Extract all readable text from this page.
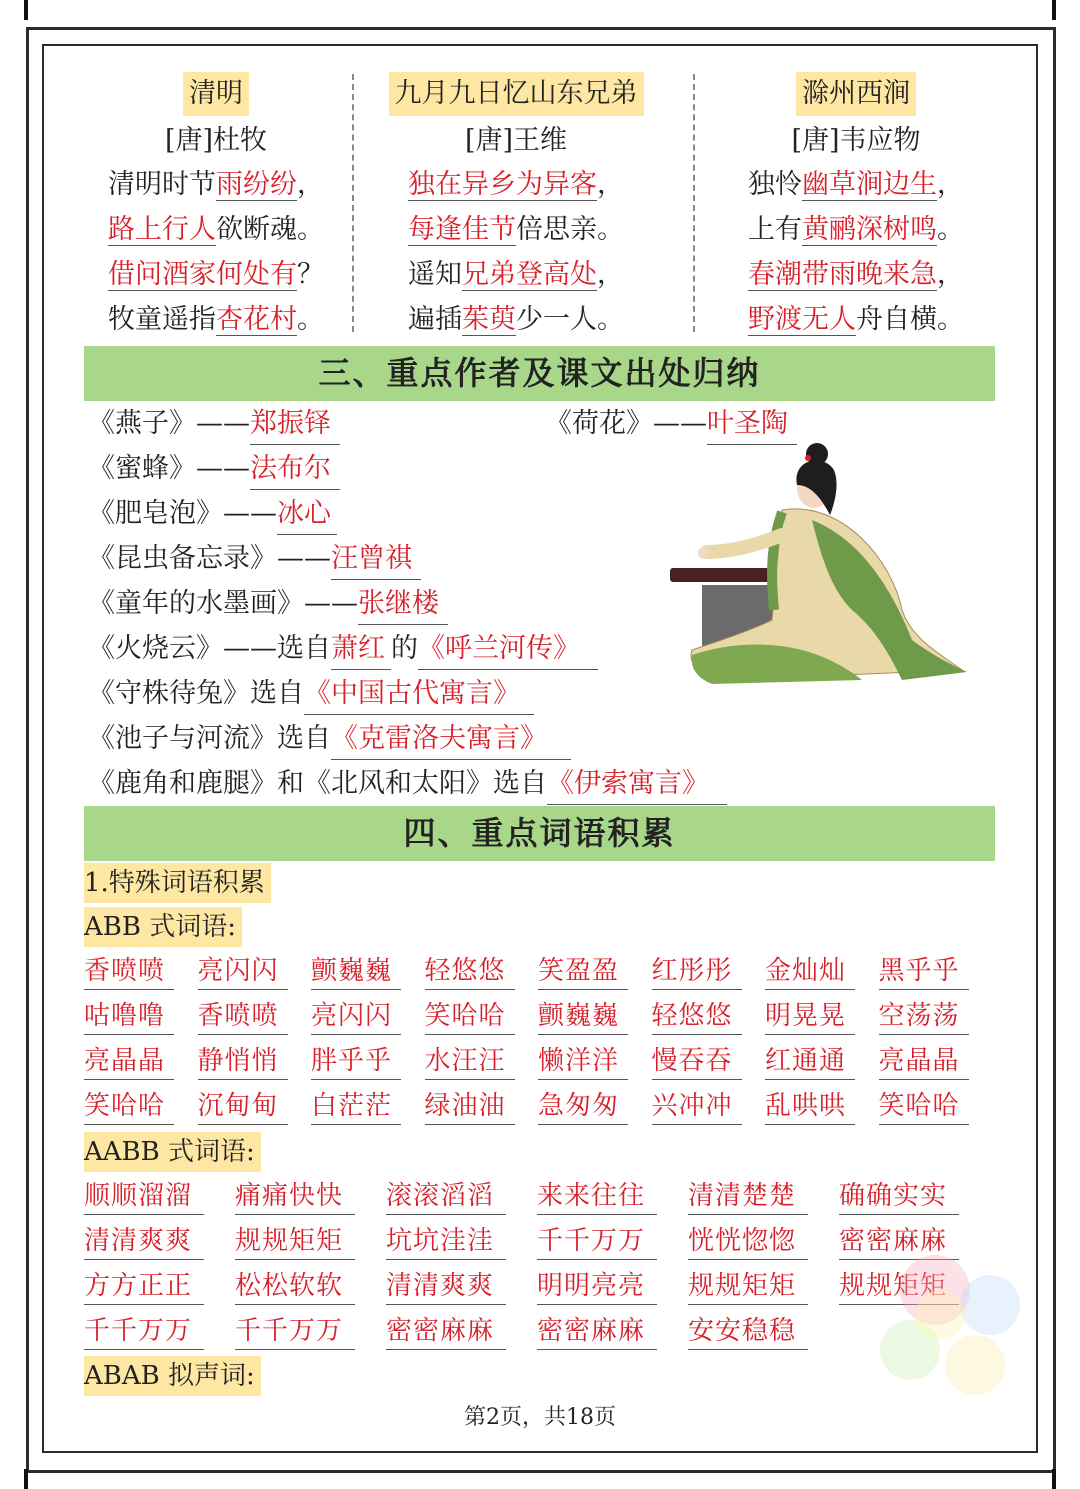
清明
[唐]杜牧
清明时节雨纷纷，
路上行人欲断魂。
借问酒家何处有？
牧童遥指杏花村。
九月九日忆山东兄弟
[唐]王维
独在异乡为异客，
每逢佳节倍思亲。
遥知兄弟登高处，
遍插茱萸少一人。
滁州西涧
[唐]韦应物
独怜幽草涧边生，
上有黄鹂深树鸣。
春潮带雨晚来急，
野渡无人舟自横。
三、重点作者及课文出处归纳
《燕子》——郑振铎	《荷花》——叶圣陶
《蜜蜂》——法布尔
《肥皂泡》——冰心
《昆虫备忘录》——汪曾祺
《童年的水墨画》——张继楼
《火烧云》——选自萧红 的《呼兰河传》
《守株待兔》选自《中国古代寓言》
《池子与河流》选自《克雷洛夫寓言》
《鹿角和鹿腿》和《北风和太阳》选自《伊索寓言》
四、重点词语积累
1.特殊词语积累
ABB 式词语:
香喷喷	亮闪闪	颤巍巍	轻悠悠	笑盈盈	红彤彤	金灿灿	黑乎乎
咕噜噜	香喷喷	亮闪闪	笑哈哈	颤巍巍	轻悠悠	明晃晃	空荡荡
亮晶晶	静悄悄	胖乎乎	水汪汪	懒洋洋	慢吞吞	红通通	亮晶晶
笑哈哈	沉甸甸	白茫茫	绿油油	急匆匆	兴冲冲	乱哄哄	笑哈哈
AABB 式词语:
顺顺溜溜	痛痛快快	滚滚滔滔	来来往往	清清楚楚	确确实实
清清爽爽	规规矩矩	坑坑洼洼	千千万万	恍恍惚惚	密密麻麻
方方正正	松松软软	清清爽爽	明明亮亮	规规矩矩	规规矩矩
千千万万	千千万万	密密麻麻	密密麻麻	安安稳稳
ABAB 拟声词:
第2页，共18页
